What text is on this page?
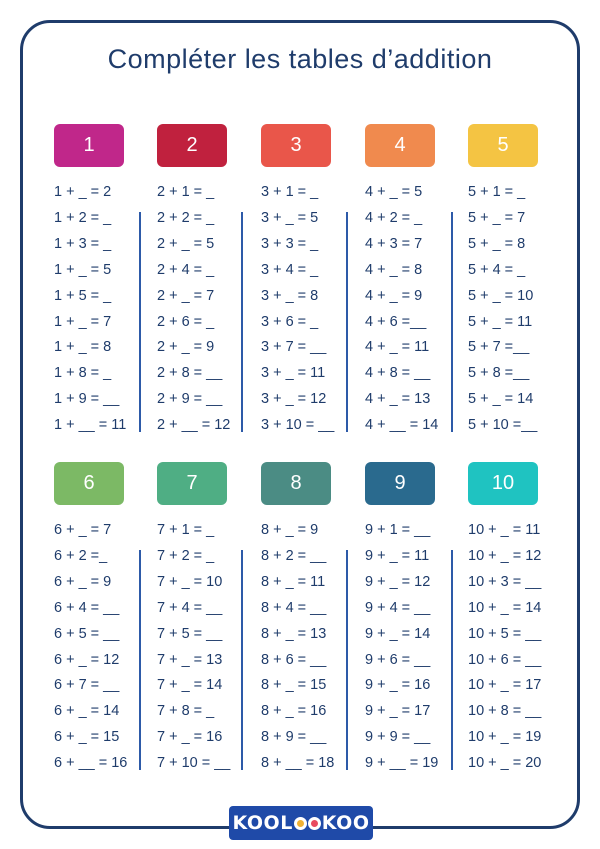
Compléter les tables d’addition
1
1 + _ = 2
1 + 2 = _
1 + 3 = _
1 + _ = 5
1 + 5 = _
1 + _ = 7
1 + _ = 8
1 + 8 = _
1 + 9 = __
1 + __ = 11
2
2 + 1 = _
2 + 2 = _
2 + _ = 5
2 + 4 = _
2 + _ = 7
2 + 6 = _
2 + _ = 9
2 + 8 = __
2 + 9 = __
2 + __ = 12
3
3 + 1 = _
3 + _ = 5
3 + 3 = _
3 + 4 = _
3 + _ = 8
3 + 6 = _
3 + 7 = __
3 + _ = 11
3 + _ = 12
3 + 10 = __
4
4 + _ = 5
4 + 2 = _
4 + 3 = 7
4 + _ = 8
4 + _ = 9
4 + 6 =__
4 + _ = 11
4 + 8 = __
4 + _ = 13
4 + __ = 14
5
5 + 1 = _
5 + _ = 7
5 + _ = 8
5 + 4 = _
5 + _ = 10
5 + _ = 11
5 + 7 =__
5 + 8 =__
5 + _ = 14
5 + 10 =__
6
6 + _ = 7
6 + 2 =_
6 + _ = 9
6 + 4 = __
6 + 5 = __
6 + _ = 12
6 + 7 = __
6 + _ = 14
6 + _ = 15
6 + __ = 16
7
7 + 1 = _
7 + 2 = _
7 + _ = 10
7 + 4 = __
7 + 5 = __
7 + _ = 13
7 + _ = 14
7 + 8 = _
7 + _ = 16
7 + 10 = __
8
8 + _ = 9
8 + 2 = __
8 + _ = 11
8 + 4 = __
8 + _ = 13
8 + 6 = __
8 + _ = 15
8 + _ = 16
8 + 9 = __
8 + __ = 18
9
9 + 1 = __
9 + _ = 11
9 + _ = 12
9 + 4 = __
9 + _ = 14
9 + 6 = __
9 + _ = 16
9 + _ = 17
9 + 9 = __
9 + __ = 19
10
10 + _ = 11
10 + _ = 12
10 + 3 = __
10 + _ = 14
10 + 5 = __
10 + 6 = __
10 + _ = 17
10 + 8 = __
10 + _ = 19
10 + _ = 20
KOOL KOO
